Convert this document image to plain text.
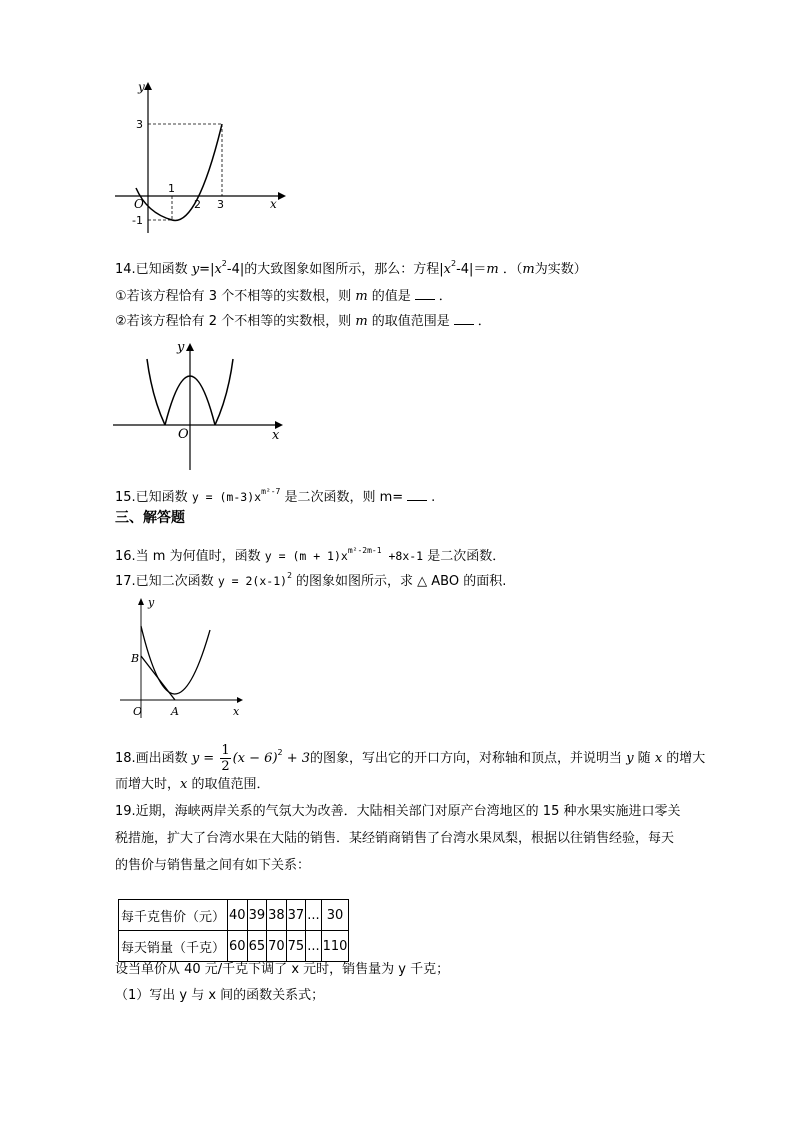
y
x
O
3
-1
1
2 3
14.已知函数 $y=|x^2-4|$的大致图象如图所示，那么：方程$|x^2-4|=m$ ．（m为实数）
①若该方程恰有 3 个不相等的实数根，则 m 的值是 ．
②若该方程恰有 2 个不相等的实数根，则 m 的取值范围是 ．
y
x
O
15.已知函数 $y = (m-3)x^{m^2-7}$ 是二次函数，则 m= .
三、解答题
16.当 m 为何值时，函数 $y = (m + 1)x^{m^2-2m-1} +8x-1$ 是二次函数．
17.已知二次函数 $y = 2(x-1)^2$ 的图象如图所示，求 △ ABO 的面积.
y
x
O
B
A
18.画出函数 $y = \frac{1}{2} (x - 6)^2 + 3$的图象，写出它的开口方向，对称轴和顶点，并说明当 y 随 x 的增大
而增大时，x 的取值范围．
19.近期，海峡两岸关系的气氛大为改善．大陆相关部门对原产台湾地区的 15 种水果实施进口零关
税措施，扩大了台湾水果在大陆的销售．某经销商销售了台湾水果凤梨，根据以往销售经验，每天
的售价与销售量之间有如下关系：
每千克售价（元）	40	39	38	37	...	30
每天销量（千克）	60	65	70	75	...	110
设当单价从 40 元/千克下调了 x 元时，销售量为 y 千克；
（1）写出 y 与 x 间的函数关系式；
